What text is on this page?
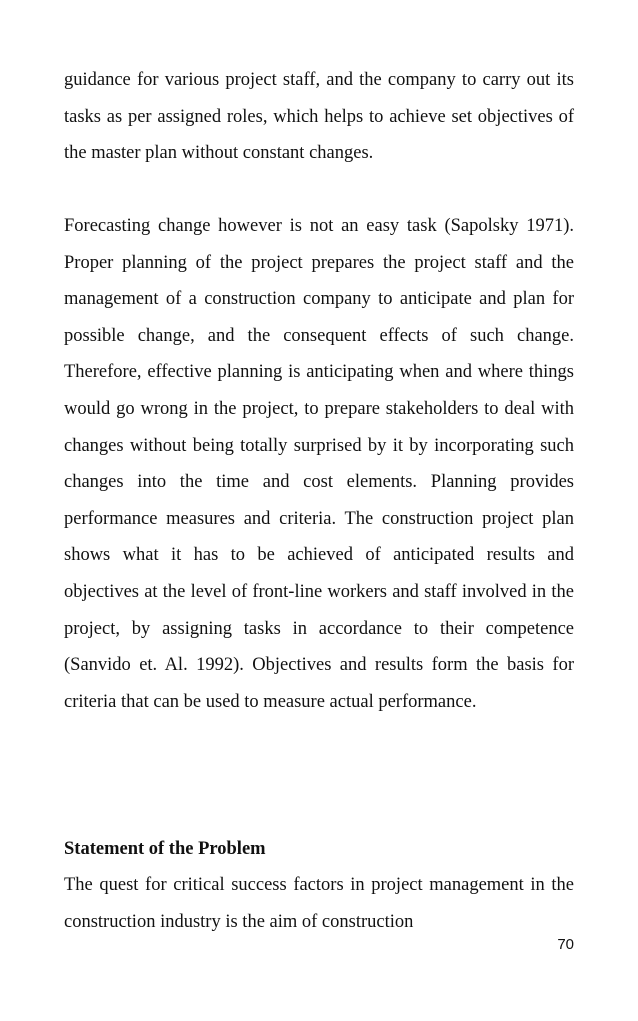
guidance for various project staff, and the company to carry out its tasks as per assigned roles, which helps to achieve set objectives of the master plan without constant changes.

Forecasting change however is not an easy task (Sapolsky 1971). Proper planning of the project prepares the project staff and the management of a construction company to anticipate and plan for possible change, and the consequent effects of such change. Therefore, effective planning is anticipating when and where things would go wrong in the project, to prepare stakeholders to deal with changes without being totally surprised by it by incorporating such changes into the time and cost elements. Planning provides performance measures and criteria. The construction project plan shows what it has to be achieved of anticipated results and objectives at the level of front-line workers and staff involved in the project, by assigning tasks in accordance to their competence (Sanvido et. Al. 1992). Objectives and results form the basis for criteria that can be used to measure actual performance.

Statement of the Problem

The quest for critical success factors in project management in the construction industry is the aim of construction

70
